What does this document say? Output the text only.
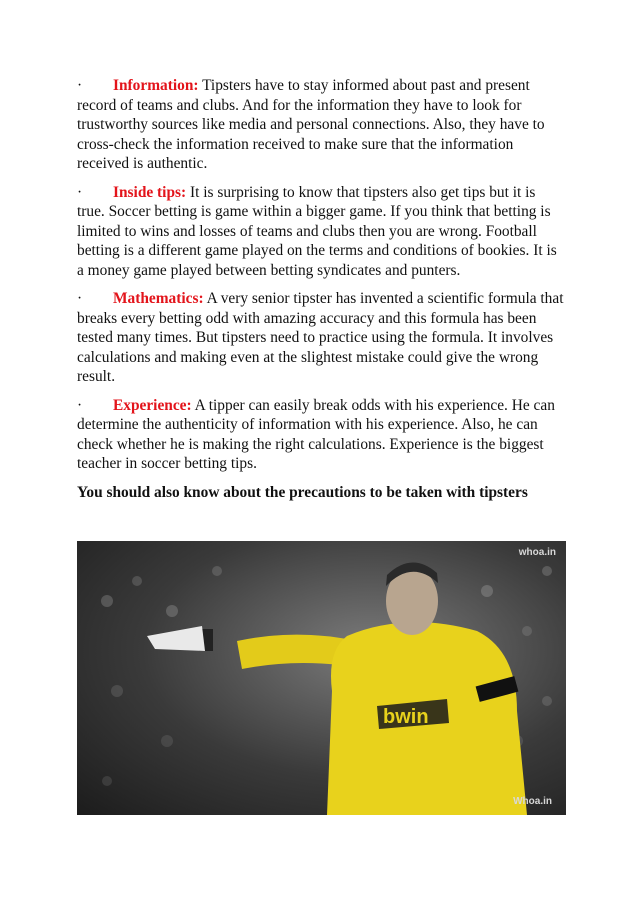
· Information: Tipsters have to stay informed about past and present record of teams and clubs. And for the information they have to look for trustworthy sources like media and personal connections. Also, they have to cross-check the information received to make sure that the information received is authentic.

· Inside tips: It is surprising to know that tipsters also get tips but it is true. Soccer betting is game within a bigger game. If you think that betting is limited to wins and losses of teams and clubs then you are wrong. Football betting is a different game played on the terms and conditions of bookies. It is a money game played between betting syndicates and punters.

· Mathematics: A very senior tipster has invented a scientific formula that breaks every betting odd with amazing accuracy and this formula has been tested many times. But tipsters need to practice using the formula. It involves calculations and making even at the slightest mistake could give the wrong result.

· Experience: A tipper can easily break odds with his experience. He can determine the authenticity of information with his experience. Also, he can check whether he is making the right calculations. Experience is the biggest teacher in soccer betting tips.

You should also know about the precautions to be taken with tipsters

bwin
whoa.in
Whoa.in
